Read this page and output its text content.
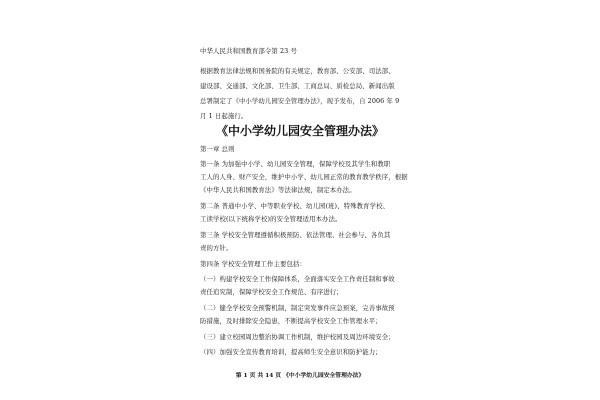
中华人民共和国教育部令第 23 号
根据教育法律法规和国务院的有关规定，教育部、公安部、司法部、
建设部、交通部、文化部、卫生部、工商总局、质检总局、新闻出版
总署制定了《中小学幼儿园安全管理办法》，现予发布，自 2006 年 9
月 1 日起施行。
《中小学幼儿园安全管理办法》
第一章 总则
第一条 为加强中小学、幼儿园安全管理，保障学校及其学生和教职
工人的人身、财产安全，维护中小学、幼儿园正常的教育教学秩序，根据
《中华人民共和国教育法》等法律法规，制定本办法。
第二条 普通中小学、中等职业学校、幼儿园(班)、特殊教育学校、
工读学校(以下统称学校)的安全管理适用本办法。
第三条 学校安全管理遵循积极预防、依法管理、社会参与、各负其
责的方针。
第四条 学校安全管理工作主要包括：
（一）构建学校安全工作保障体系，全面落实安全工作责任制和事故
责任追究制，保障学校安全工作规范、有序进行；
（二）健全学校安全预警机制，制定突发事件应急预案，完善事故预
防措施，及时排除安全隐患，不断提高学校安全工作管理水平；
（三）建立校园周边整治协调工作机制，维护校园及周边环境安全；
（四）加强安全宣传教育培训，提高师生安全意识和防护能力；
第 1 页 共 14 页 《中小学幼儿园安全管理办法》
